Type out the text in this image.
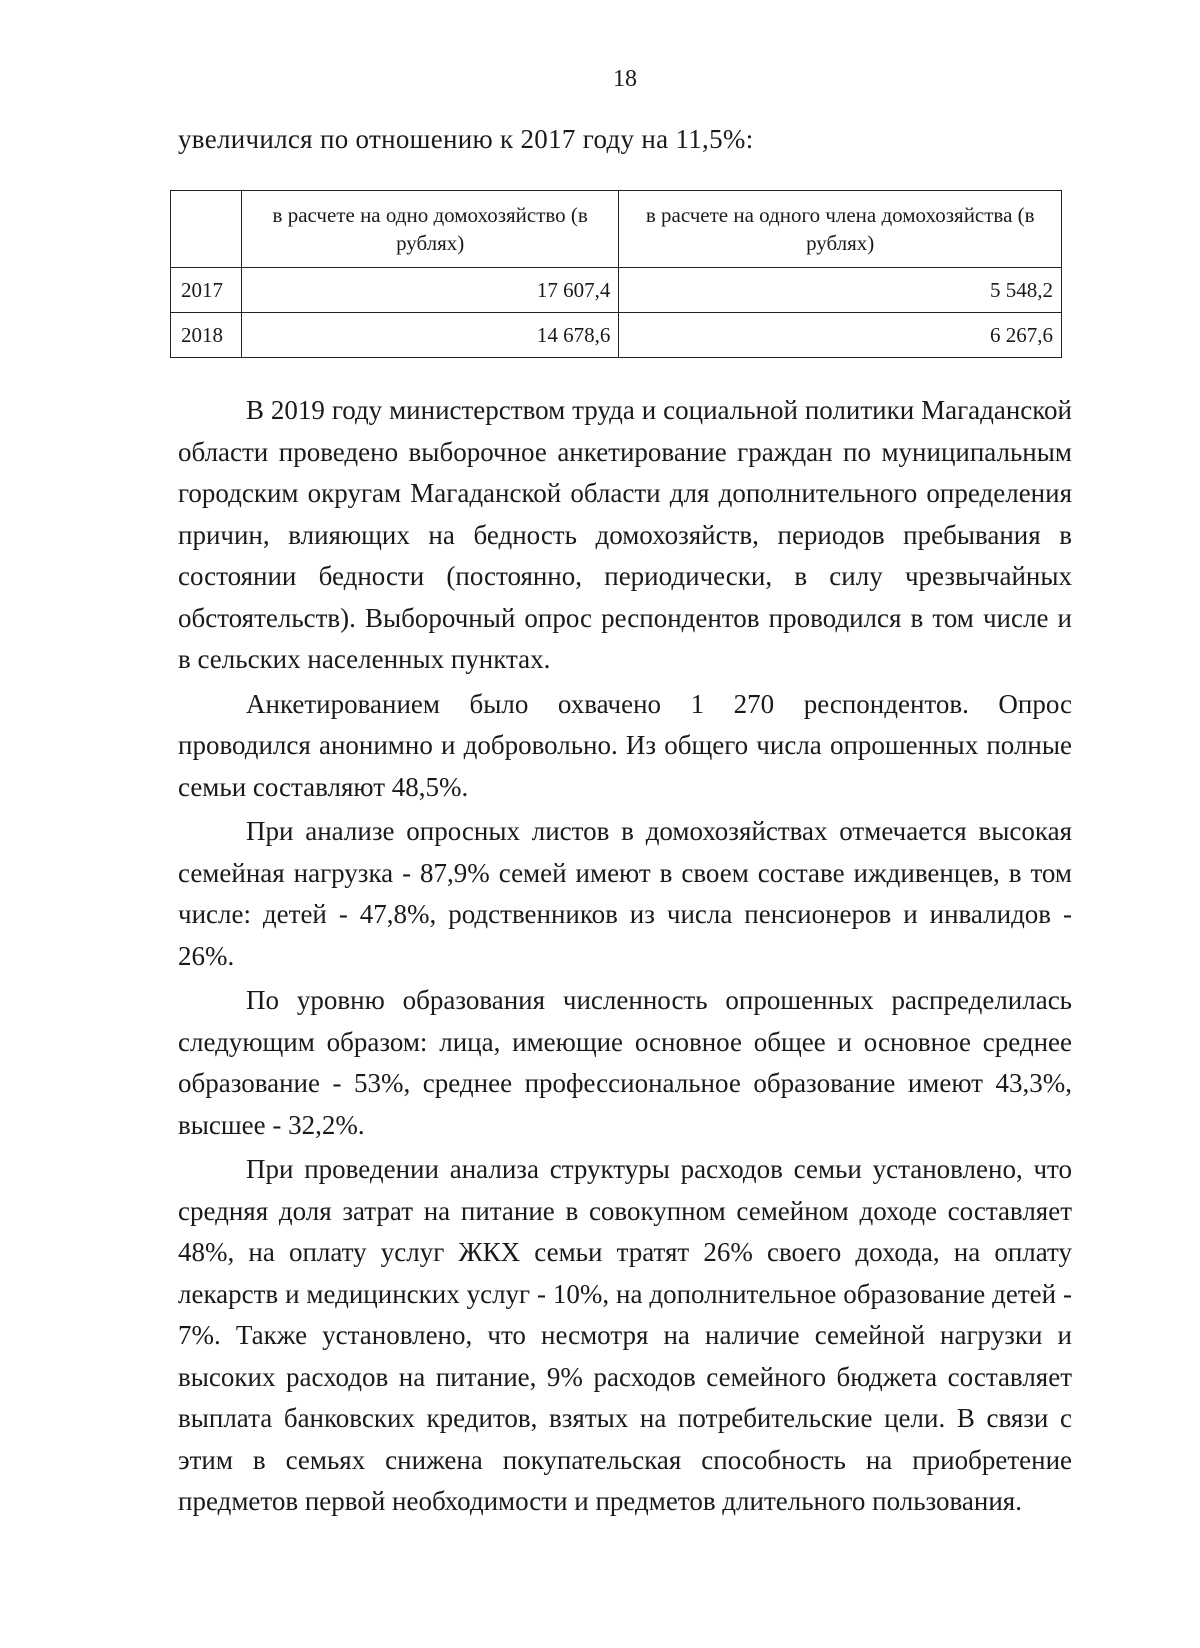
18
увеличился по отношению к 2017 году на 11,5%:
	в расчете на одно домохозяйство (в рублях)	в расчете на одного члена домохозяйства (в рублях)
2017	17 607,4	5 548,2
2018	14 678,6	6 267,6

В 2019 году министерством труда и социальной политики Магаданской области проведено выборочное анкетирование граждан по муниципальным городским округам Магаданской области для дополнительного определения причин, влияющих на бедность домохозяйств, периодов пребывания в состоянии бедности (постоянно, периодически, в силу чрезвычайных обстоятельств). Выборочный опрос респондентов проводился в том числе и в сельских населенных пунктах.

Анкетированием было охвачено 1 270 респондентов. Опрос проводился анонимно и добровольно. Из общего числа опрошенных полные семьи составляют 48,5%.

При анализе опросных листов в домохозяйствах отмечается высокая семейная нагрузка - 87,9% семей имеют в своем составе иждивенцев, в том числе: детей - 47,8%, родственников из числа пенсионеров и инвалидов - 26%.

По уровню образования численность опрошенных распределилась следующим образом: лица, имеющие основное общее и основное среднее образование - 53%, среднее профессиональное образование имеют 43,3%, высшее - 32,2%.

При проведении анализа структуры расходов семьи установлено, что средняя доля затрат на питание в совокупном семейном доходе составляет 48%, на оплату услуг ЖКХ семьи тратят 26% своего дохода, на оплату лекарств и медицинских услуг - 10%, на дополнительное образование детей - 7%. Также установлено, что несмотря на наличие семейной нагрузки и высоких расходов на питание, 9% расходов семейного бюджета составляет выплата банковских кредитов, взятых на потребительские цели. В связи с этим в семьях снижена покупательская способность на приобретение предметов первой необходимости и предметов длительного пользования.
